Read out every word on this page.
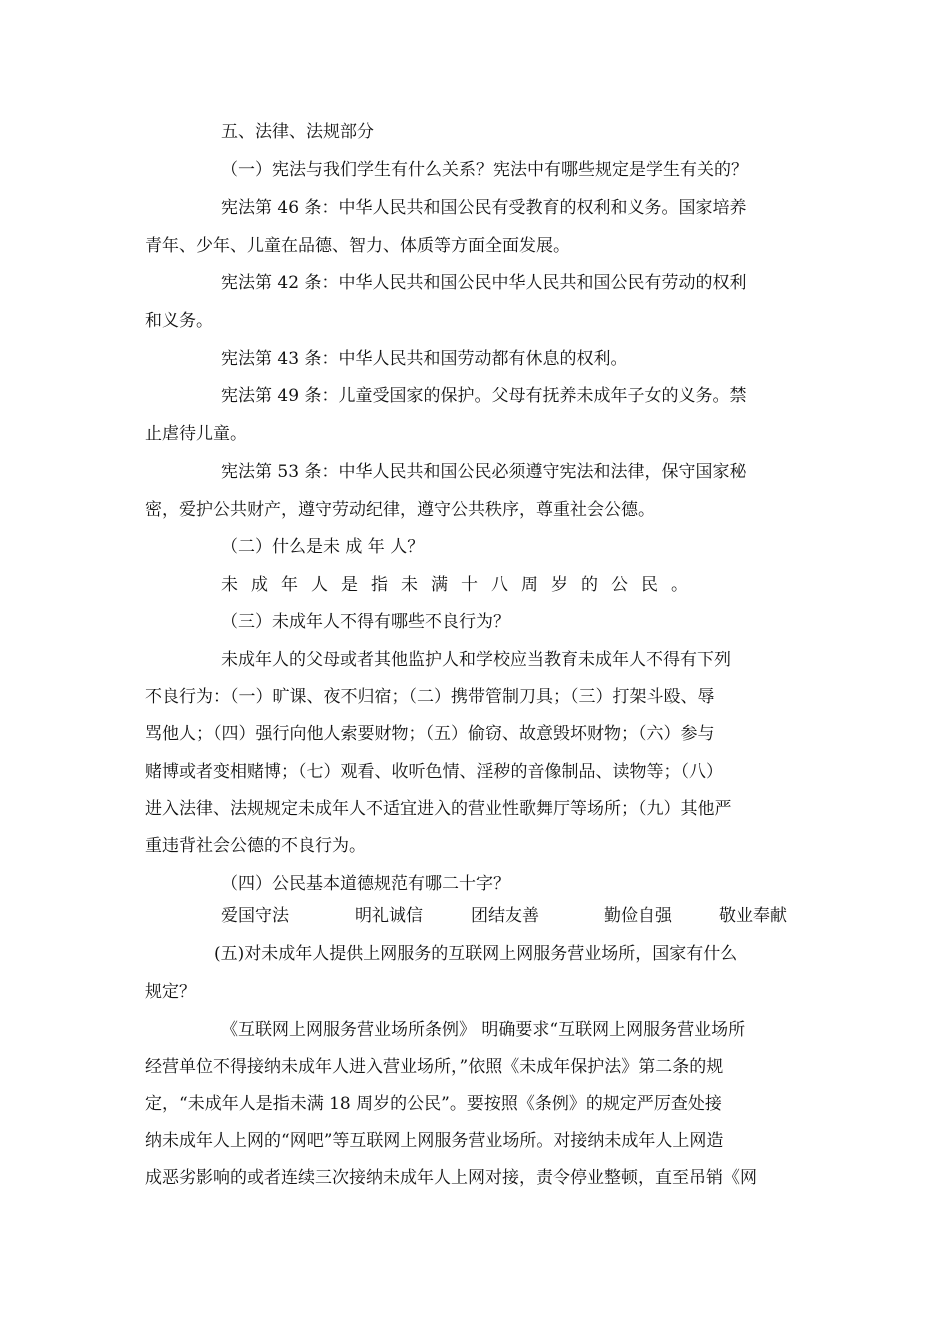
五、法律、法规部分
（一）宪法与我们学生有什么关系？宪法中有哪些规定是学生有关的？
宪法第 46 条：中华人民共和国公民有受教育的权利和义务。国家培养
青年、少年、儿童在品德、智力、体质等方面全面发展。
宪法第 42 条：中华人民共和国公民中华人民共和国公民有劳动的权利
和义务。
宪法第 43 条：中华人民共和国劳动都有休息的权利。
宪法第 49 条：儿童受国家的保护。父母有抚养未成年子女的义务。禁
止虐待儿童。
宪法第 53 条：中华人民共和国公民必须遵守宪法和法律，保守国家秘
密，爱护公共财产，遵守劳动纪律，遵守公共秩序，尊重社会公德。
（二）什么是未 成 年 人？
未成年人是指未满十八周岁的公民。
（三）未成年人不得有哪些不良行为？
未成年人的父母或者其他监护人和学校应当教育未成年人不得有下列
不良行为：（一）旷课、夜不归宿；（二）携带管制刀具；（三）打架斗殴、辱
骂他人；（四）强行向他人索要财物；（五）偷窃、故意毁坏财物；（六）参与
赌博或者变相赌博；（七）观看、收听色情、淫秽的音像制品、读物等；（八）
进入法律、法规规定未成年人不适宜进入的营业性歌舞厅等场所；（九）其他严
重违背社会公德的不良行为。
（四）公民基本道德规范有哪二十字？
爱国守法	明礼诚信	团结友善	勤俭自强	敬业奉献
(五)对未成年人提供上网服务的互联网上网服务营业场所，国家有什么
规定？
《互联网上网服务营业场所条例》 明确要求“互联网上网服务营业场所
经营单位不得接纳未成年人进入营业场所，”依照《未成年保护法》第二条的规
定，“未成年人是指未满 18 周岁的公民”。要按照《条例》的规定严厉查处接
纳未成年人上网的“网吧”等互联网上网服务营业场所。对接纳未成年人上网造
成恶劣影响的或者连续三次接纳未成年人上网对接，责令停业整顿，直至吊销《网
